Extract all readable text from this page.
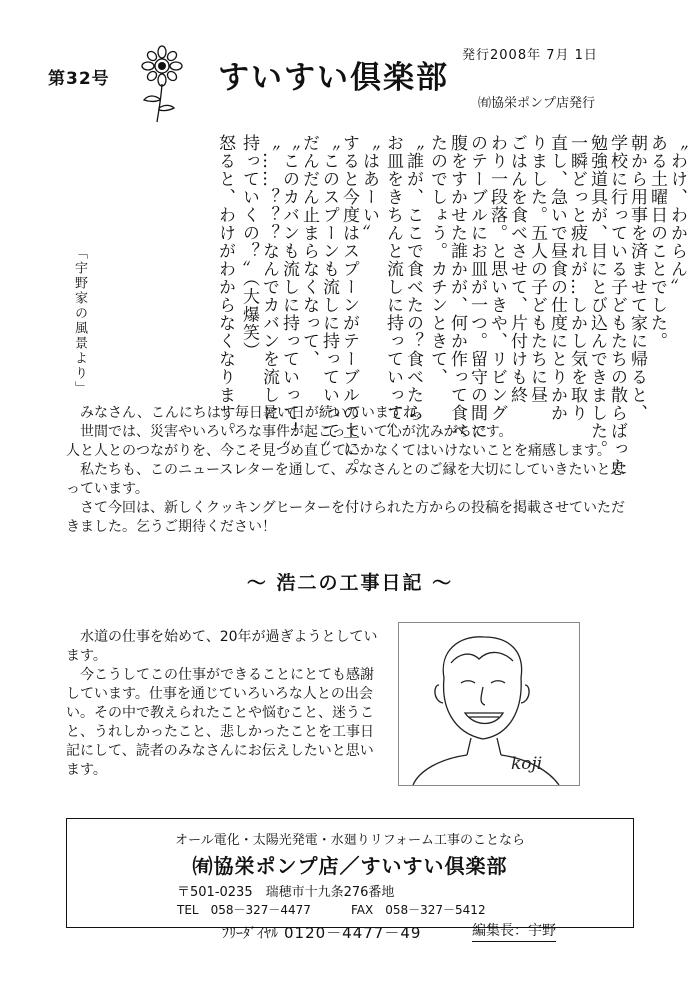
第32号	すいすい倶楽部
発行2008年 7月 1日
㈲協栄ポンプ店発行
「宇野家の風景より」
〝わけ、わからん〟
ある土曜日のことでした。
朝から用事を済ませて家に帰ると、
学校に行っている子どもたちの散らばった
勉強道具が、目にとび込んできました。
一瞬どっと疲れが…しかし気を取り
直し、急いで昼食の仕度にとりかか
りました。五人の子どもたちに昼
ごはんを食べさせて、片付けも終
わり一段落。と思いきや、リビング
のテーブルにお皿が一つ。留守の間に
腹をすかせた誰かが、何か作って食べ
たのでしょう。カチンときて、
〝誰が、ここで食べたの？食べたら
お皿をきちんと流しに持っていって〟
〝はあーい〟
すると今度はスプーンがテーブルの上に。
〝このスプーンも流しに持っていって〟
だんだん止まらなくなって、
〝このカバンも流しに持っていって！〟
〝……？？？なんでカバンを流しに
持っていくの？〟（大爆笑）
怒ると、わけがわからなくなります。

　みなさん、こんにちは！毎日暑い日が続いていますね。

　世間では、災害やいろいろな事件が起こっていて心が沈みがちです。

人と人とのつながりを、今こそ見つめ直していかなくてはいけないことを痛感します。

　私たちも、このニュースレターを通して、みなさんとのご縁を大切にしていきたいと思っています。

　さて今回は、新しくクッキングヒーターを付けられた方からの投稿を掲載させていただきました。乞うご期待ください！

～ 浩二の工事日記 ～

　水道の仕事を始めて、20年が過ぎようとしています。

　今こうしてこの仕事ができることにとても感謝しています。仕事を通じていろいろな人との出会い。その中で教えられたことや悩むこと、迷うこと、うれしかったこと、悲しかったことを工事日記にして、読者のみなさんにお伝えしたいと思います。	koji
オール電化・太陽光発電・水廻りリフォーム工事のことなら
㈲協栄ポンプ店／すいすい倶楽部
〒501-0235　瑞穂市十九条276番地
TEL　058－327－4477	FAX　058－327－5412
ﾌﾘｰﾀﾞｲﾔﾙ 0120－4477－49	編集長：宇野
